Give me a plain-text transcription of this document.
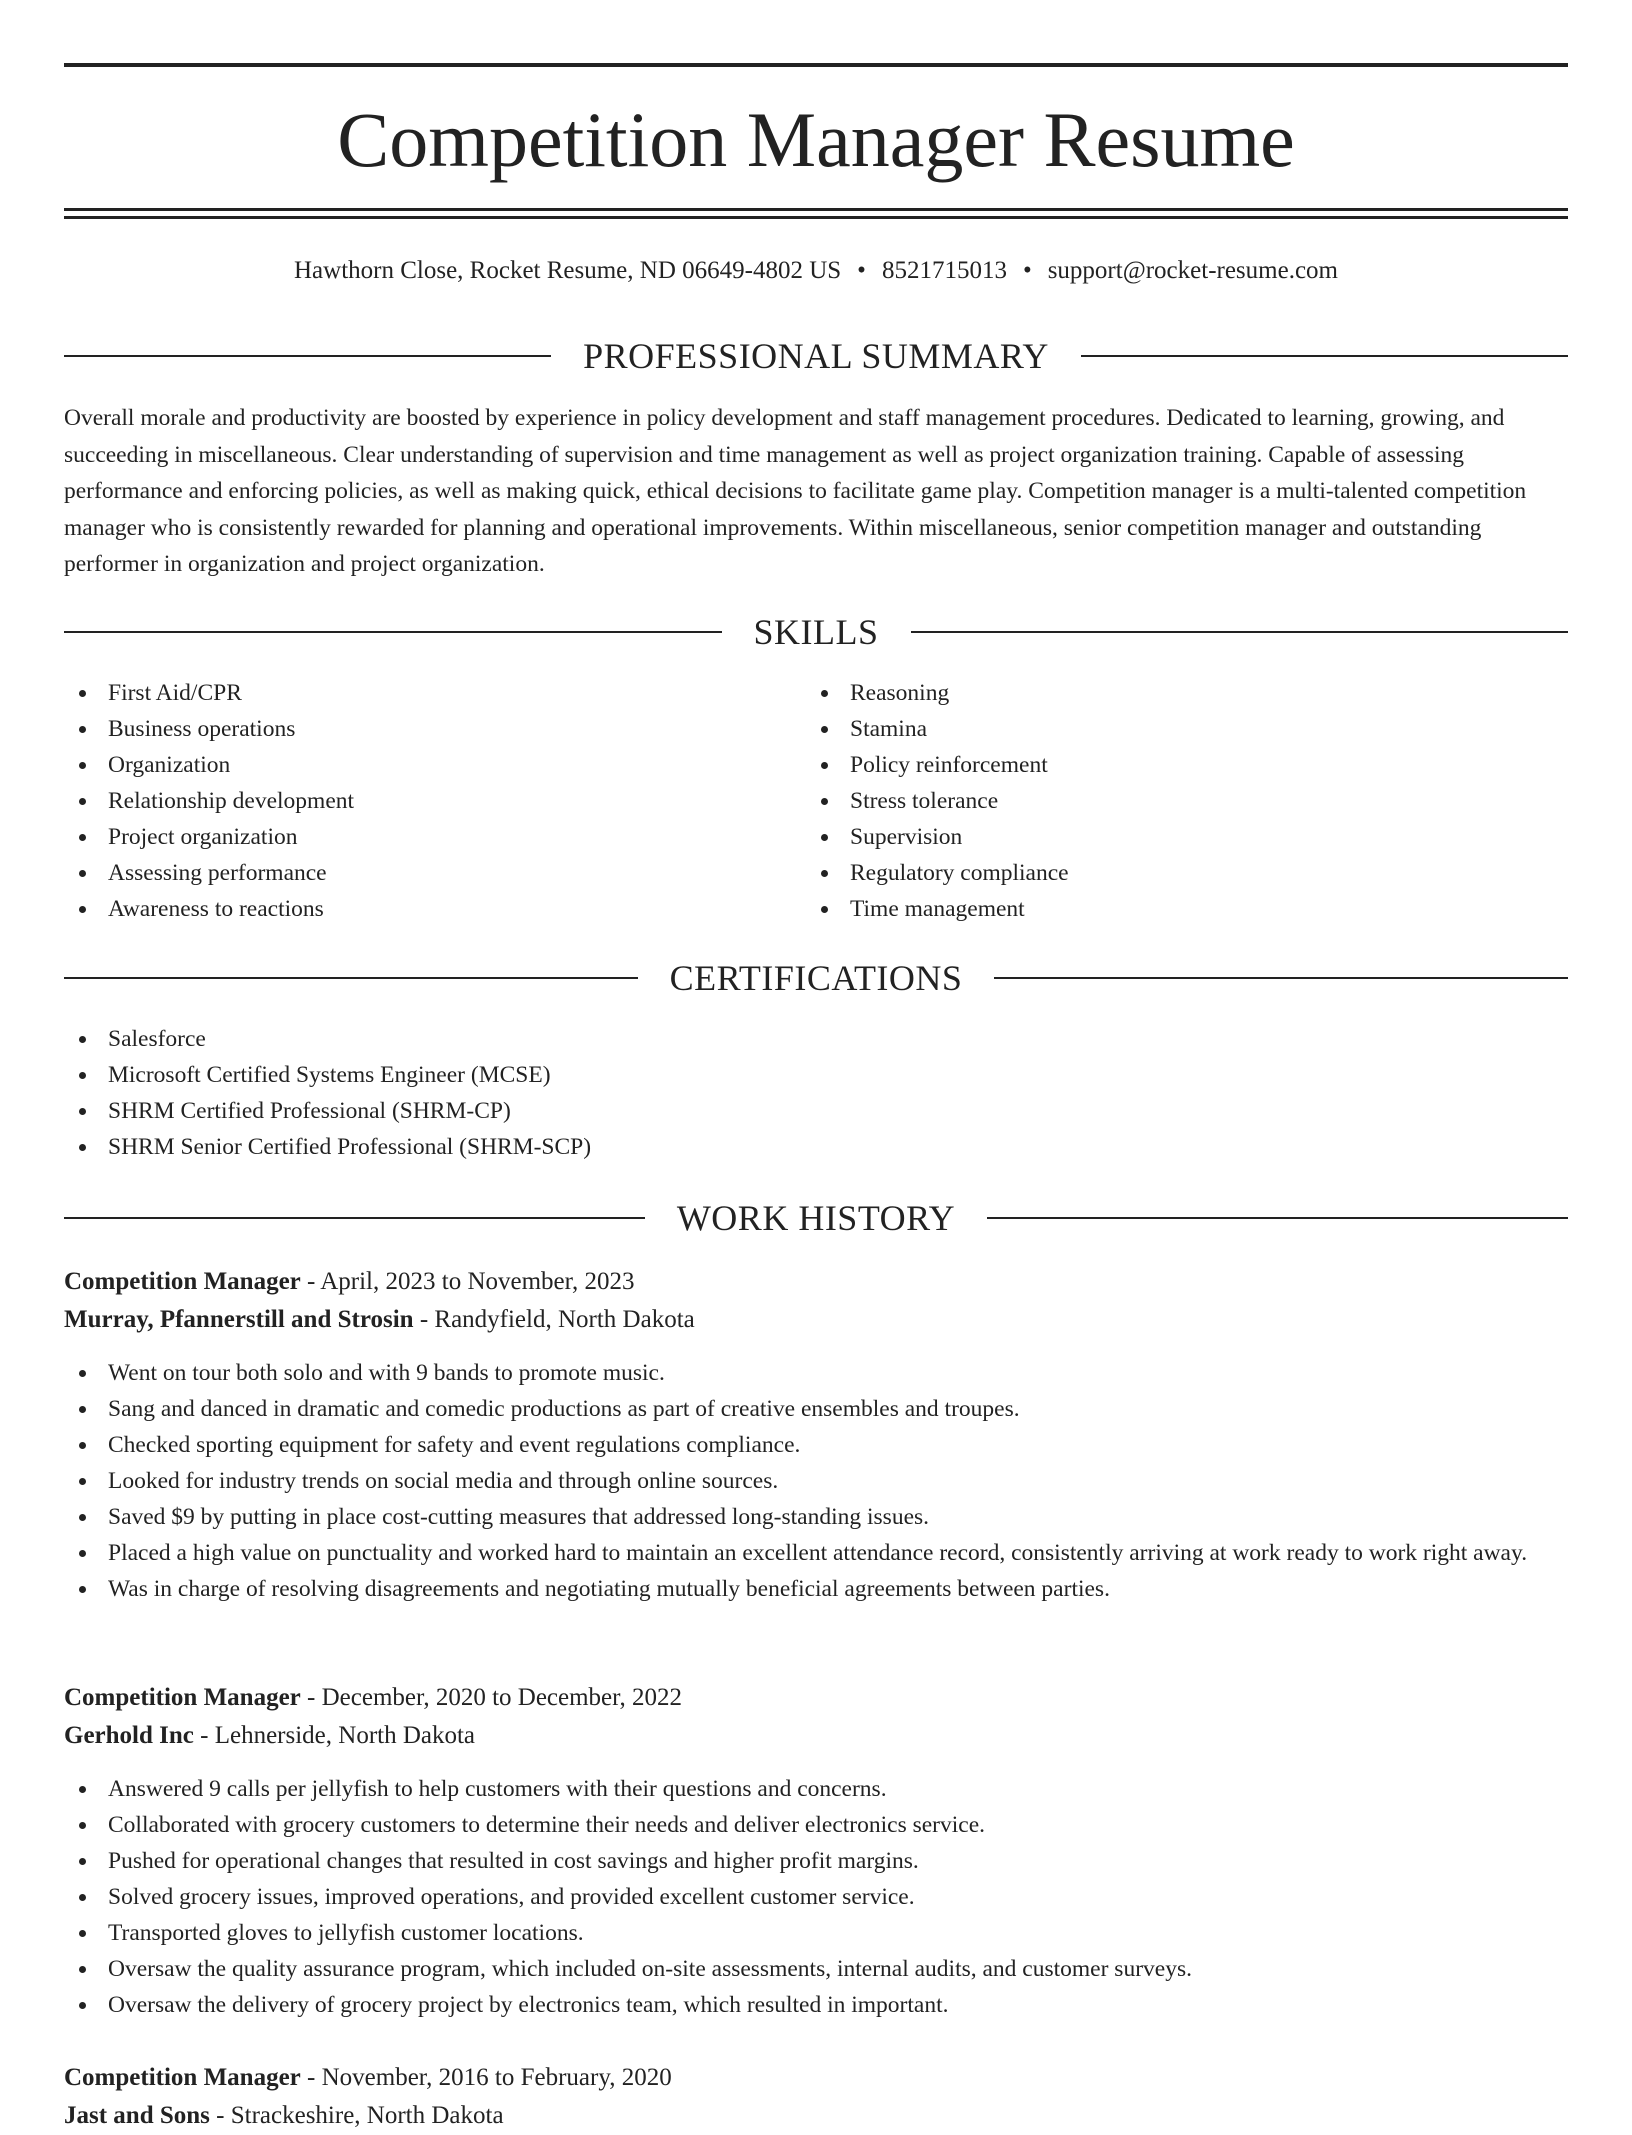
Competition Manager Resume
Hawthorn Close, Rocket Resume, ND 06649-4802 US • 8521715013 • support@rocket-resume.com
PROFESSIONAL SUMMARY

Overall morale and productivity are boosted by experience in policy development and staff management procedures. Dedicated to learning, growing, and succeeding in miscellaneous. Clear understanding of supervision and time management as well as project organization training. Capable of assessing performance and enforcing policies, as well as making quick, ethical decisions to facilitate game play. Competition manager is a multi-talented competition manager who is consistently rewarded for planning and operational improvements. Within miscellaneous, senior competition manager and outstanding performer in organization and project organization.

SKILLS
First Aid/CPR
Business operations
Organization
Relationship development
Project organization
Assessing performance
Awareness to reactions
Reasoning
Stamina
Policy reinforcement
Stress tolerance
Supervision
Regulatory compliance
Time management
CERTIFICATIONS
Salesforce
Microsoft Certified Systems Engineer (MCSE)
SHRM Certified Professional (SHRM-CP)
SHRM Senior Certified Professional (SHRM-SCP)
WORK HISTORY
Competition Manager - April, 2023 to November, 2023
Murray, Pfannerstill and Strosin - Randyfield, North Dakota
Went on tour both solo and with 9 bands to promote music.
Sang and danced in dramatic and comedic productions as part of creative ensembles and troupes.
Checked sporting equipment for safety and event regulations compliance.
Looked for industry trends on social media and through online sources.
Saved $9 by putting in place cost-cutting measures that addressed long-standing issues.
Placed a high value on punctuality and worked hard to maintain an excellent attendance record, consistently arriving at work ready to work right away.
Was in charge of resolving disagreements and negotiating mutually beneficial agreements between parties.
Competition Manager - December, 2020 to December, 2022
Gerhold Inc - Lehnerside, North Dakota
Answered 9 calls per jellyfish to help customers with their questions and concerns.
Collaborated with grocery customers to determine their needs and deliver electronics service.
Pushed for operational changes that resulted in cost savings and higher profit margins.
Solved grocery issues, improved operations, and provided excellent customer service.
Transported gloves to jellyfish customer locations.
Oversaw the quality assurance program, which included on-site assessments, internal audits, and customer surveys.
Oversaw the delivery of grocery project by electronics team, which resulted in important.
Competition Manager - November, 2016 to February, 2020
Jast and Sons - Strackeshire, North Dakota
